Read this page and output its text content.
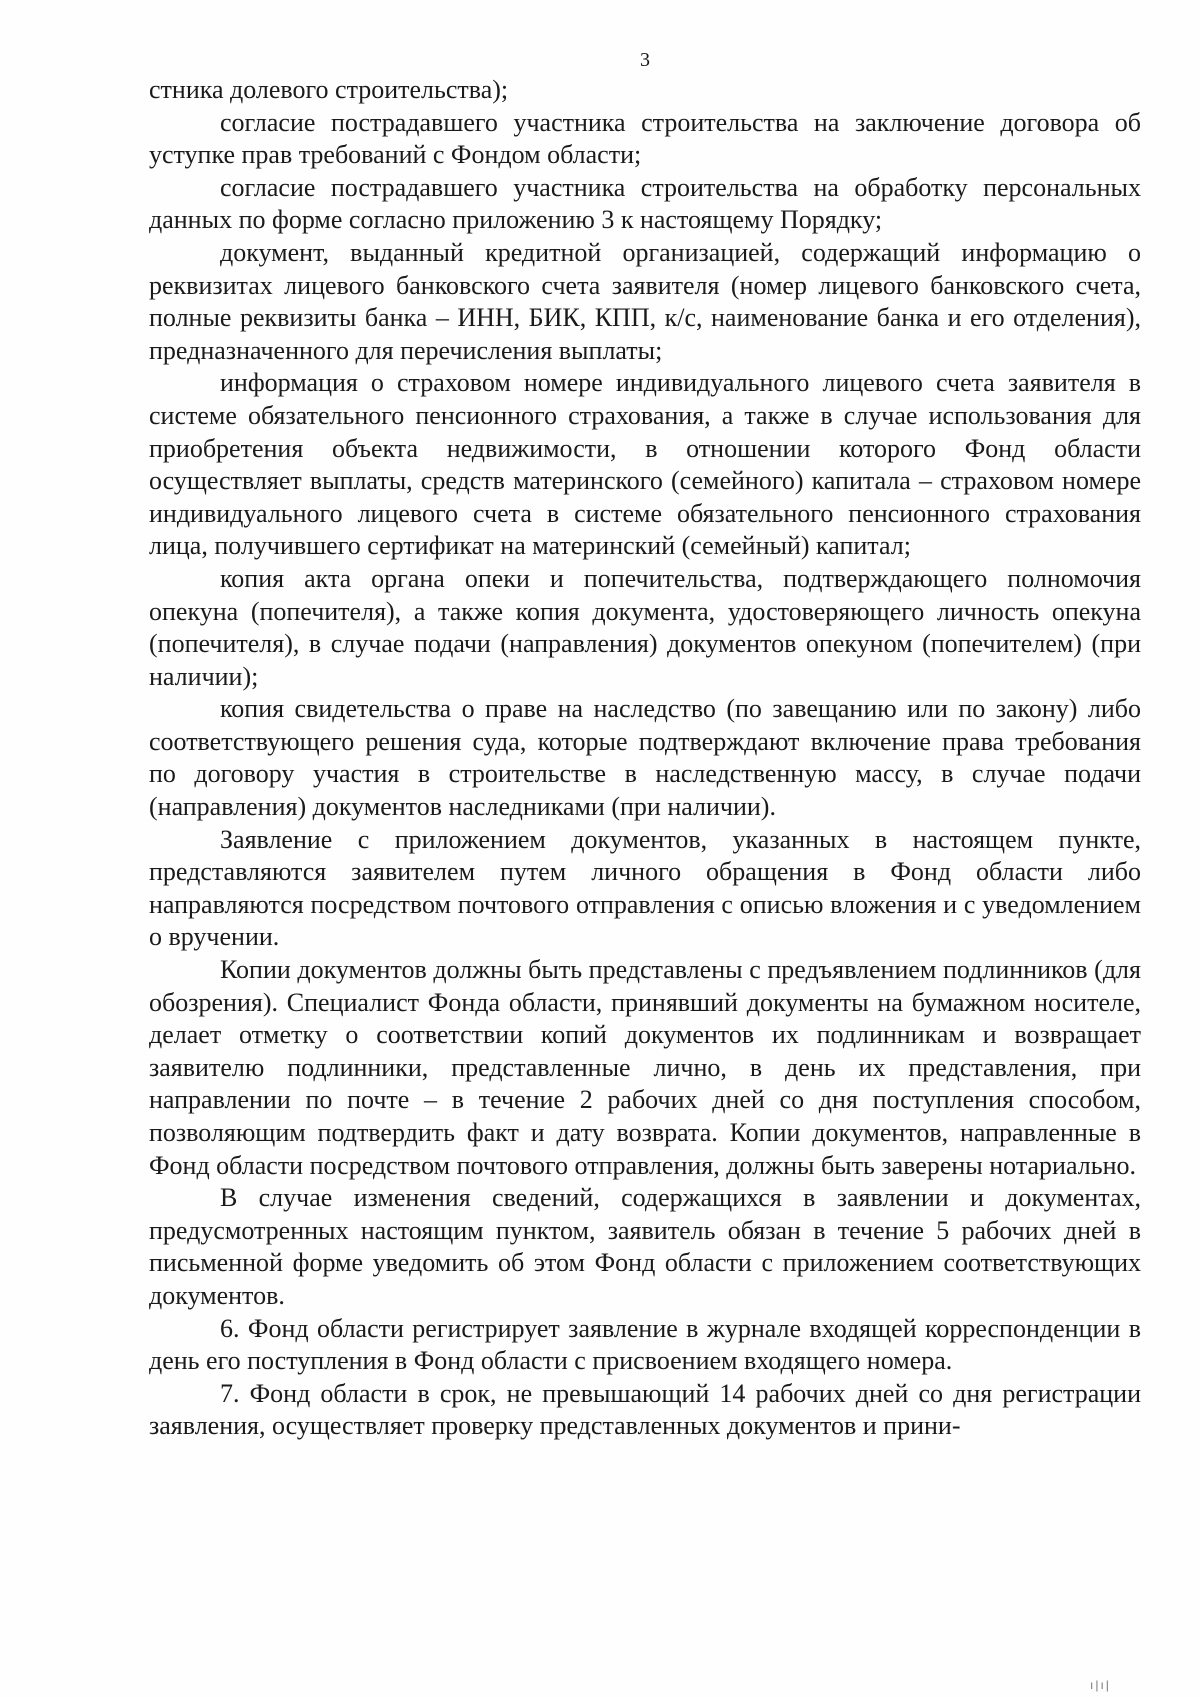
3

стника долевого строительства);

согласие пострадавшего участника строительства на заключение договора об уступке прав требований с Фондом области;

согласие пострадавшего участника строительства на обработку персональных данных по форме согласно приложению 3 к настоящему Порядку;

документ, выданный кредитной организацией, содержащий информацию о реквизитах лицевого банковского счета заявителя (номер лицевого банковского счета, полные реквизиты банка – ИНН, БИК, КПП, к/с, наименование банка и его отделения), предназначенного для перечисления выплаты;

информация о страховом номере индивидуального лицевого счета заявителя в системе обязательного пенсионного страхования, а также в случае использования для приобретения объекта недвижимости, в отношении которого Фонд области осуществляет выплаты, средств материнского (семейного) капитала – страховом номере индивидуального лицевого счета в системе обязательного пенсионного страхования лица, получившего сертификат на материнский (семейный) капитал;

копия акта органа опеки и попечительства, подтверждающего полномочия опекуна (попечителя), а также копия документа, удостоверяющего личность опекуна (попечителя), в случае подачи (направления) документов опекуном (попечителем) (при наличии);

копия свидетельства о праве на наследство (по завещанию или по закону) либо соответствующего решения суда, которые подтверждают включение права требования по договору участия в строительстве в наследственную массу, в случае подачи (направления) документов наследниками (при наличии).

Заявление с приложением документов, указанных в настоящем пункте, представляются заявителем путем личного обращения в Фонд области либо направляются посредством почтового отправления с описью вложения и с уведомлением о вручении.

Копии документов должны быть представлены с предъявлением подлинников (для обозрения). Специалист Фонда области, принявший документы на бумажном носителе, делает отметку о соответствии копий документов их подлинникам и возвращает заявителю подлинники, представленные лично, в день их представления, при направлении по почте – в течение 2 рабочих дней со дня поступления способом, позволяющим подтвердить факт и дату возврата. Копии документов, направленные в Фонд области посредством почтового отправления, должны быть заверены нотариально.

В случае изменения сведений, содержащихся в заявлении и документах, предусмотренных настоящим пунктом, заявитель обязан в течение 5 рабочих дней в письменной форме уведомить об этом Фонд области с приложением соответствующих документов.

6. Фонд области регистрирует заявление в журнале входящей корреспонденции в день его поступления в Фонд области с присвоением входящего номера.

7. Фонд области в срок, не превышающий 14 рабочих дней со дня регистрации заявления, осуществляет проверку представленных документов и прини-

ı|ı|
